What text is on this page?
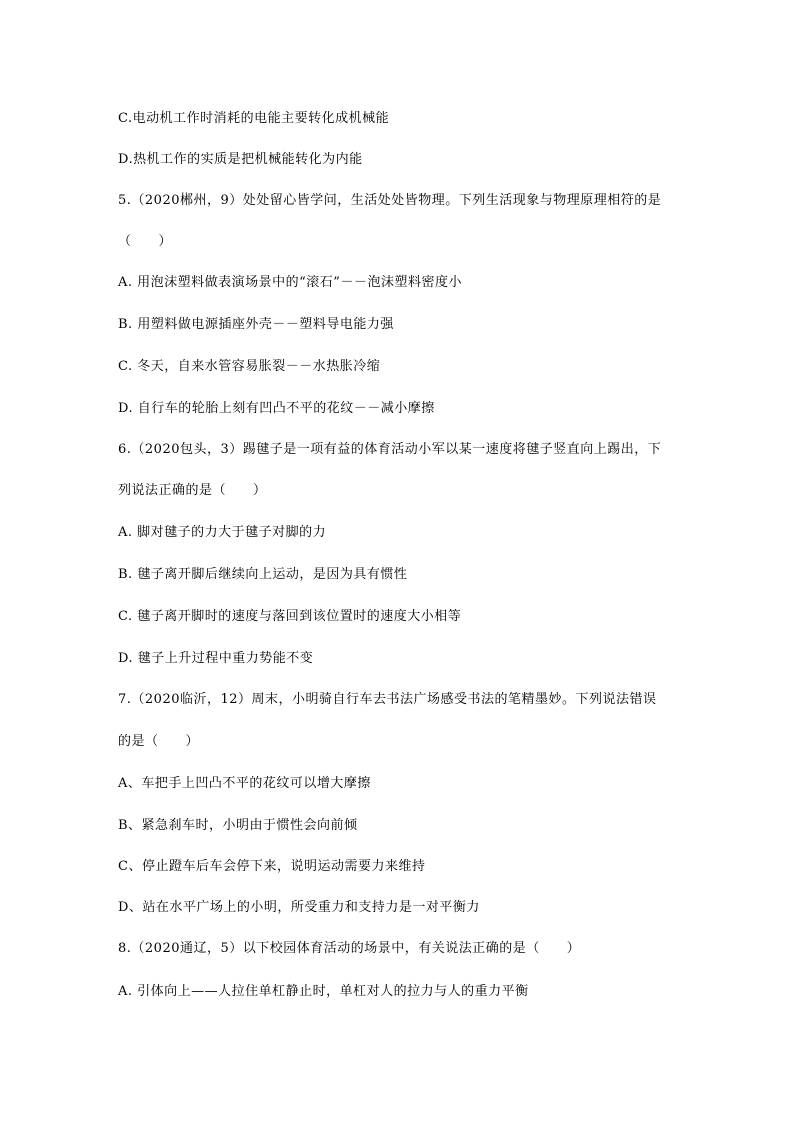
C.电动机工作时消耗的电能主要转化成机械能
D.热机工作的实质是把机械能转化为内能
5.（2020郴州，9）处处留心皆学问，生活处处皆物理。下列生活现象与物理原理相符的是
（　　）
A. 用泡沫塑料做表演场景中的“滚石”－－泡沫塑料密度小
B. 用塑料做电源插座外壳－－塑料导电能力强
C. 冬天，自来水管容易胀裂－－水热胀冷缩
D. 自行车的轮胎上刻有凹凸不平的花纹－－减小摩擦
6.（2020包头，3）踢毽子是一项有益的体育活动小军以某一速度将毽子竖直向上踢出，下
列说法正确的是（　　）
A. 脚对毽子的力大于毽子对脚的力
B. 毽子离开脚后继续向上运动，是因为具有惯性
C. 毽子离开脚时的速度与落回到该位置时的速度大小相等
D. 毽子上升过程中重力势能不变
7.（2020临沂，12）周末，小明骑自行车去书法广场感受书法的笔精墨妙。下列说法错误
的是（　　）
A、车把手上凹凸不平的花纹可以增大摩擦
B、紧急刹车时，小明由于惯性会向前倾
C、停止蹬车后车会停下来，说明运动需要力来维持
D、站在水平广场上的小明，所受重力和支持力是一对平衡力
8.（2020通辽，5）以下校园体育活动的场景中，有关说法正确的是（　　）
A. 引体向上——人拉住单杠静止时，单杠对人的拉力与人的重力平衡
